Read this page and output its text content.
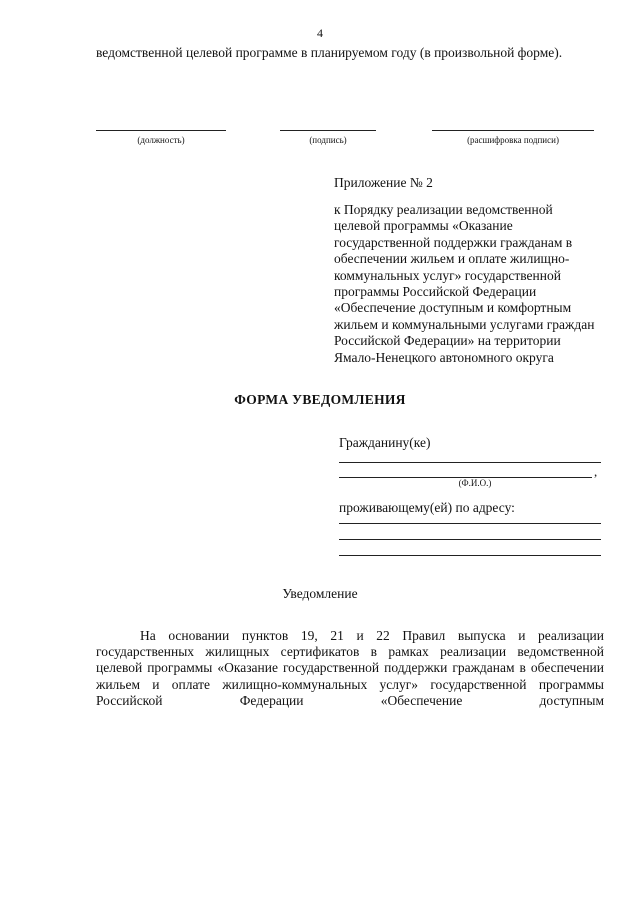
4
ведомственной целевой программе в планируемом году (в произвольной форме).
(должность)	(подпись)	(расшифровка подписи)
Приложение № 2
к Порядку реализации ведомственной целевой программы «Оказание государственной поддержки гражданам в обеспечении жильем и оплате жилищно-коммунальных услуг» государственной программы Российской Федерации «Обеспечение доступным и комфортным жильем и коммунальными услугами граждан Российской Федерации» на территории Ямало-Ненецкого автономного округа
ФОРМА УВЕДОМЛЕНИЯ
Гражданину(ке)
,
(Ф.И.О.)
проживающему(ей) по адресу:
Уведомление
На основании пунктов 19, 21 и 22 Правил выпуска и реализации государственных жилищных сертификатов в рамках реализации ведомственной целевой программы «Оказание государственной поддержки гражданам в обеспечении жильем и оплате жилищно-коммунальных услуг» государственной программы Российской Федерации «Обеспечение доступным
